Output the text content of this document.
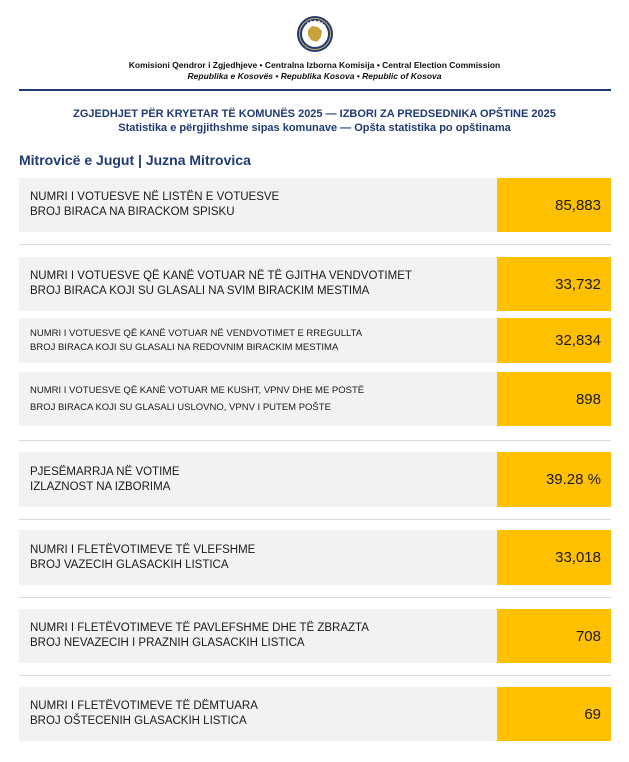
Komisioni Qendror i Zgjedhjeve • Centralna Izborna Komisija • Central Election Commission
Republika e Kosovës • Republika Kosova • Republic of Kosova
ZGJEDHJET PËR KRYETAR TË KOMUNËS 2025 — IZBORI ZA PREDSEDNIKA OPŠTINE 2025
Statistika e përgjithshme sipas komunave — Opšta statistika po opštinama
Mitrovicë e Jugut | Juzna Mitrovica
NUMRI I VOTUESVE NË LISTËN E VOTUESVE
BROJ BIRACA NA BIRACKOM SPISKU	85,883
NUMRI I VOTUESVE QË KANË VOTUAR NË TË GJITHA VENDVOTIMET
BROJ BIRACA KOJI SU GLASALI NA SVIM BIRACKIM MESTIMA	33,732
NUMRI I VOTUESVE QË KANË VOTUAR NË VENDVOTIMET E RREGULLTA
BROJ BIRACA KOJI SU GLASALI NA REDOVNIM BIRACKIM MESTIMA	32,834
NUMRI I VOTUESVE QË KANË VOTUAR ME KUSHT, VPNV DHE ME POSTË
BROJ BIRACA KOJI SU GLASALI USLOVNO, VPNV I PUTEM POŠTE	898
PJESËMARRJA NË VOTIME
IZLAZNOST NA IZBORIMA	39.28 %
NUMRI I FLETËVOTIMEVE TË VLEFSHME
BROJ VAZECIH GLASACKIH LISTICA	33,018
NUMRI I FLETËVOTIMEVE TË PAVLEFSHME DHE TË ZBRAZTA
BROJ NEVAZECIH I PRAZNIH GLASACKIH LISTICA	708
NUMRI I FLETËVOTIMEVE TË DËMTUARA
BROJ OŠTECENIH GLASACKIH LISTICA	69
